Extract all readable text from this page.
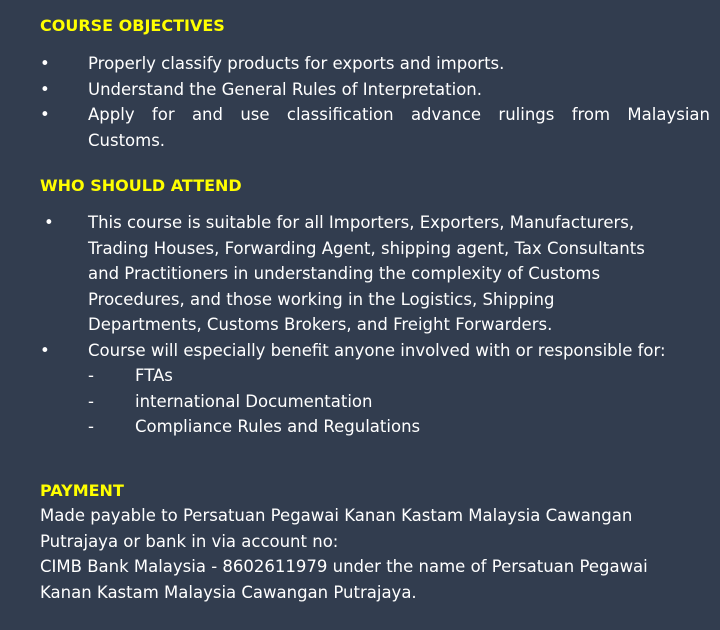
COURSE OBJECTIVES
•	Properly classify products for exports and imports.
•	Understand the General Rules of Interpretation.
•	Apply for and use classification advance rulings from Malaysian Customs.
WHO SHOULD ATTEND
•	This course is suitable for all Importers, Exporters, Manufacturers, Trading Houses, Forwarding Agent, shipping agent, Tax Consultants and Practitioners in understanding the complexity of Customs Procedures, and those working in the Logistics, Shipping Departments, Customs Brokers, and Freight Forwarders.
•	Course will especially benefit anyone involved with or responsible for:
- FTAs
- international Documentation
- Compliance Rules and Regulations
PAYMENT

Made payable to Persatuan Pegawai Kanan Kastam Malaysia Cawangan Putrajaya or bank in via account no:
CIMB Bank Malaysia - 8602611979 under the name of Persatuan Pegawai Kanan Kastam Malaysia Cawangan Putrajaya.
